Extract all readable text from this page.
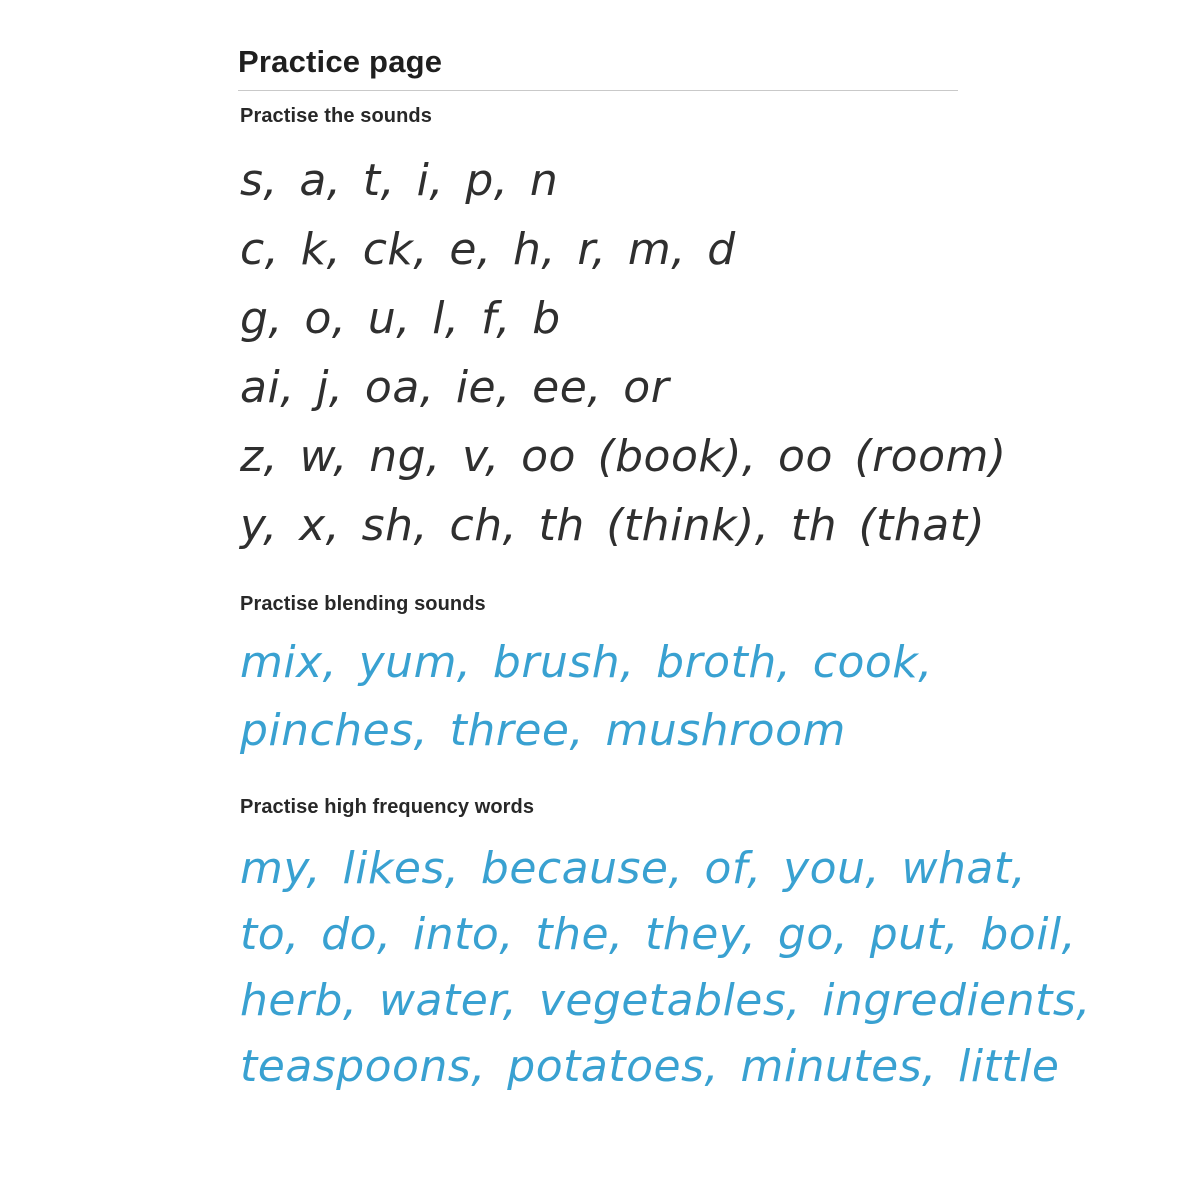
Practice page
Practise the sounds
s, a, t, i, p, n
c, k, ck, e, h, r, m, d
g, o, u, l, f, b
ai, j, oa, ie, ee, or
z, w, ng, v, oo (book), oo (room)
y, x, sh, ch, th (think), th (that)
Practise blending sounds
mix, yum, brush, broth, cook,
pinches, three, mushroom
Practise high frequency words
my, likes, because, of, you, what,
to, do, into, the, they, go, put, boil,
herb, water, vegetables, ingredients,
teaspoons, potatoes, minutes, little
